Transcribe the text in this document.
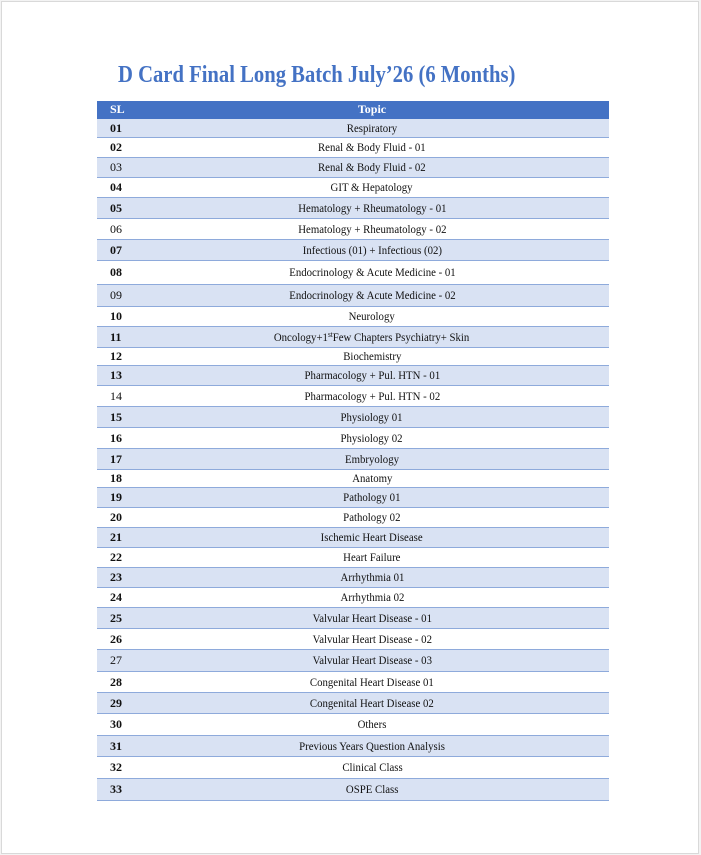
D Card Final Long Batch July’26 (6 Months)
SL	Topic
01	Respiratory
02	Renal & Body Fluid - 01
03	Renal & Body Fluid - 02
04	GIT & Hepatology
05	Hematology + Rheumatology - 01
06	Hematology + Rheumatology - 02
07	Infectious (01) + Infectious (02)
08	Endocrinology & Acute Medicine - 01
09	Endocrinology & Acute Medicine - 02
10	Neurology
11	Oncology+1stFew Chapters Psychiatry+ Skin
12	Biochemistry
13	Pharmacology + Pul. HTN - 01
14	Pharmacology + Pul. HTN - 02
15	Physiology 01
16	Physiology 02
17	Embryology
18	Anatomy
19	Pathology 01
20	Pathology 02
21	Ischemic Heart Disease
22	Heart Failure
23	Arrhythmia 01
24	Arrhythmia 02
25	Valvular Heart Disease - 01
26	Valvular Heart Disease - 02
27	Valvular Heart Disease - 03
28	Congenital Heart Disease 01
29	Congenital Heart Disease 02
30	Others
31	Previous Years Question Analysis
32	Clinical Class
33	OSPE Class
